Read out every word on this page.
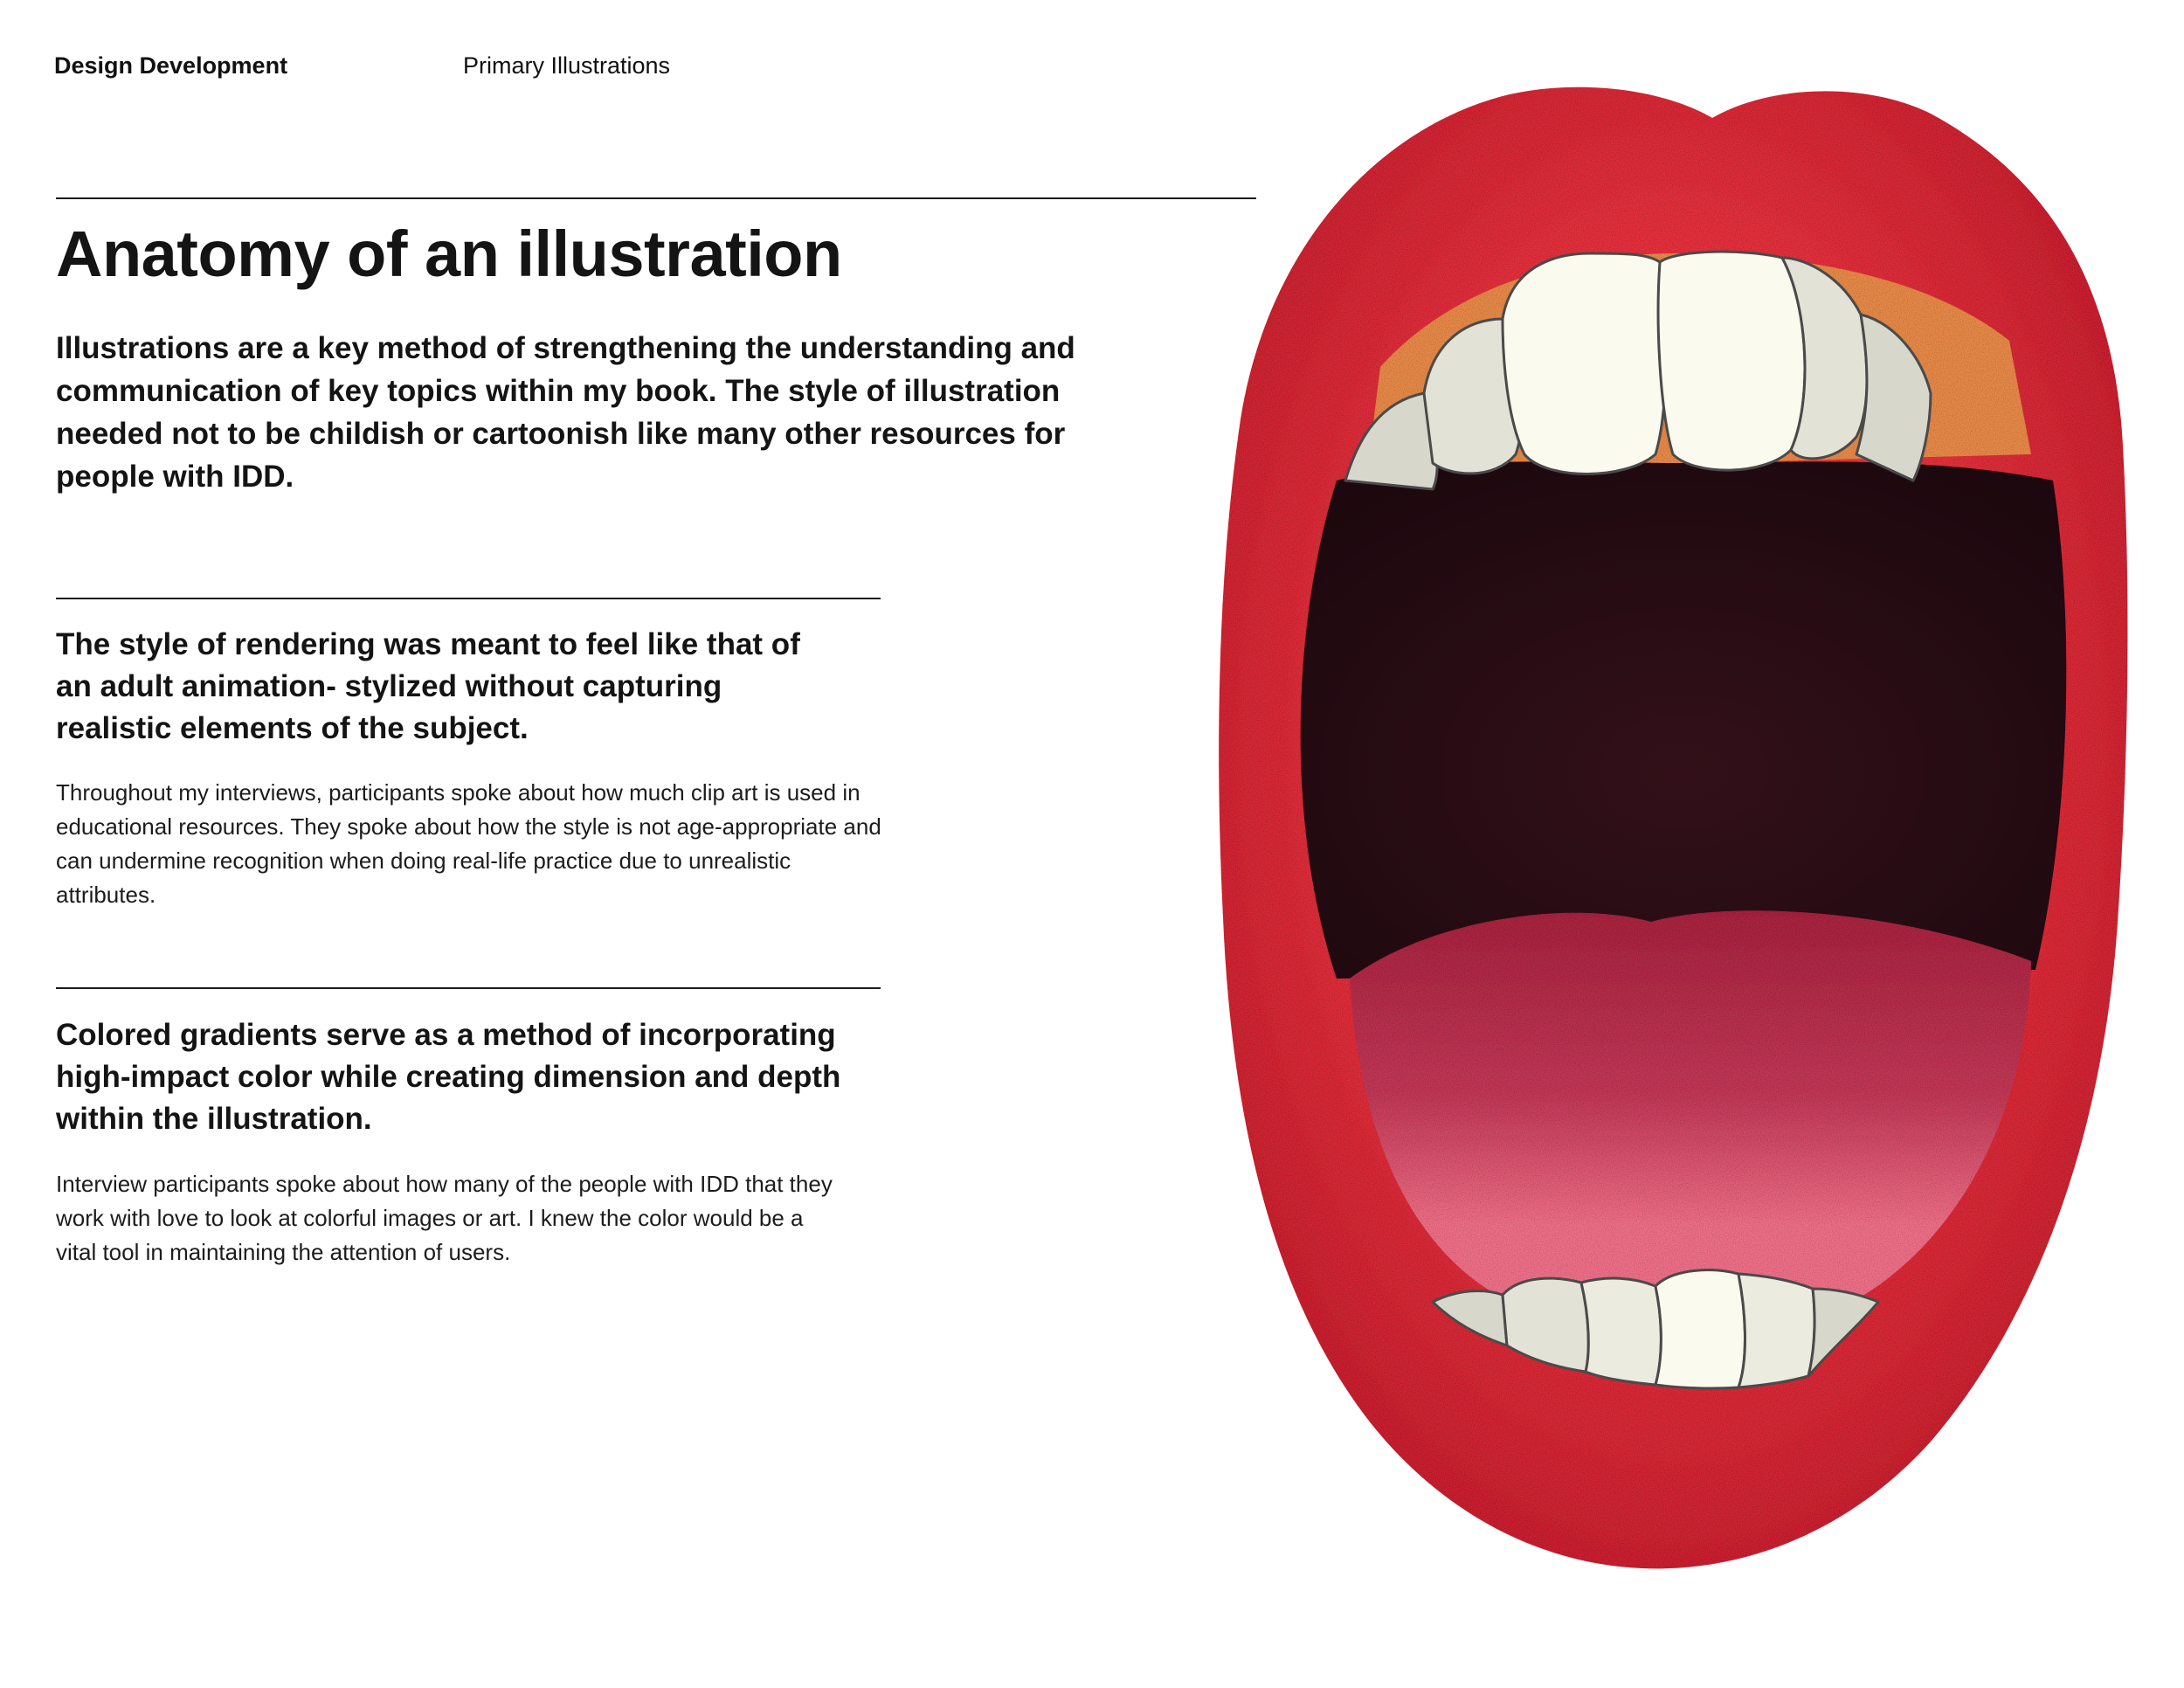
Design Development	Primary Illustrations
Anatomy of an illustration

Illustrations are a key method of strengthening the understanding and communication of key topics within my book. The style of illustration needed not to be childish or cartoonish like many other resources for people with IDD.

The style of rendering was meant to feel like that of an adult animation- stylized without capturing realistic elements of the subject.

Throughout my interviews, participants spoke about how much clip art is used in educational resources. They spoke about how the style is not age-appropriate and can undermine recognition when doing real-life practice due to unrealistic attributes.

Colored gradients serve as a method of incorporating high-impact color while creating dimension and depth within the illustration.

Interview participants spoke about how many of the people with IDD that they work with love to look at colorful images or art. I knew the color would be a vital tool in maintaining the attention of users.
